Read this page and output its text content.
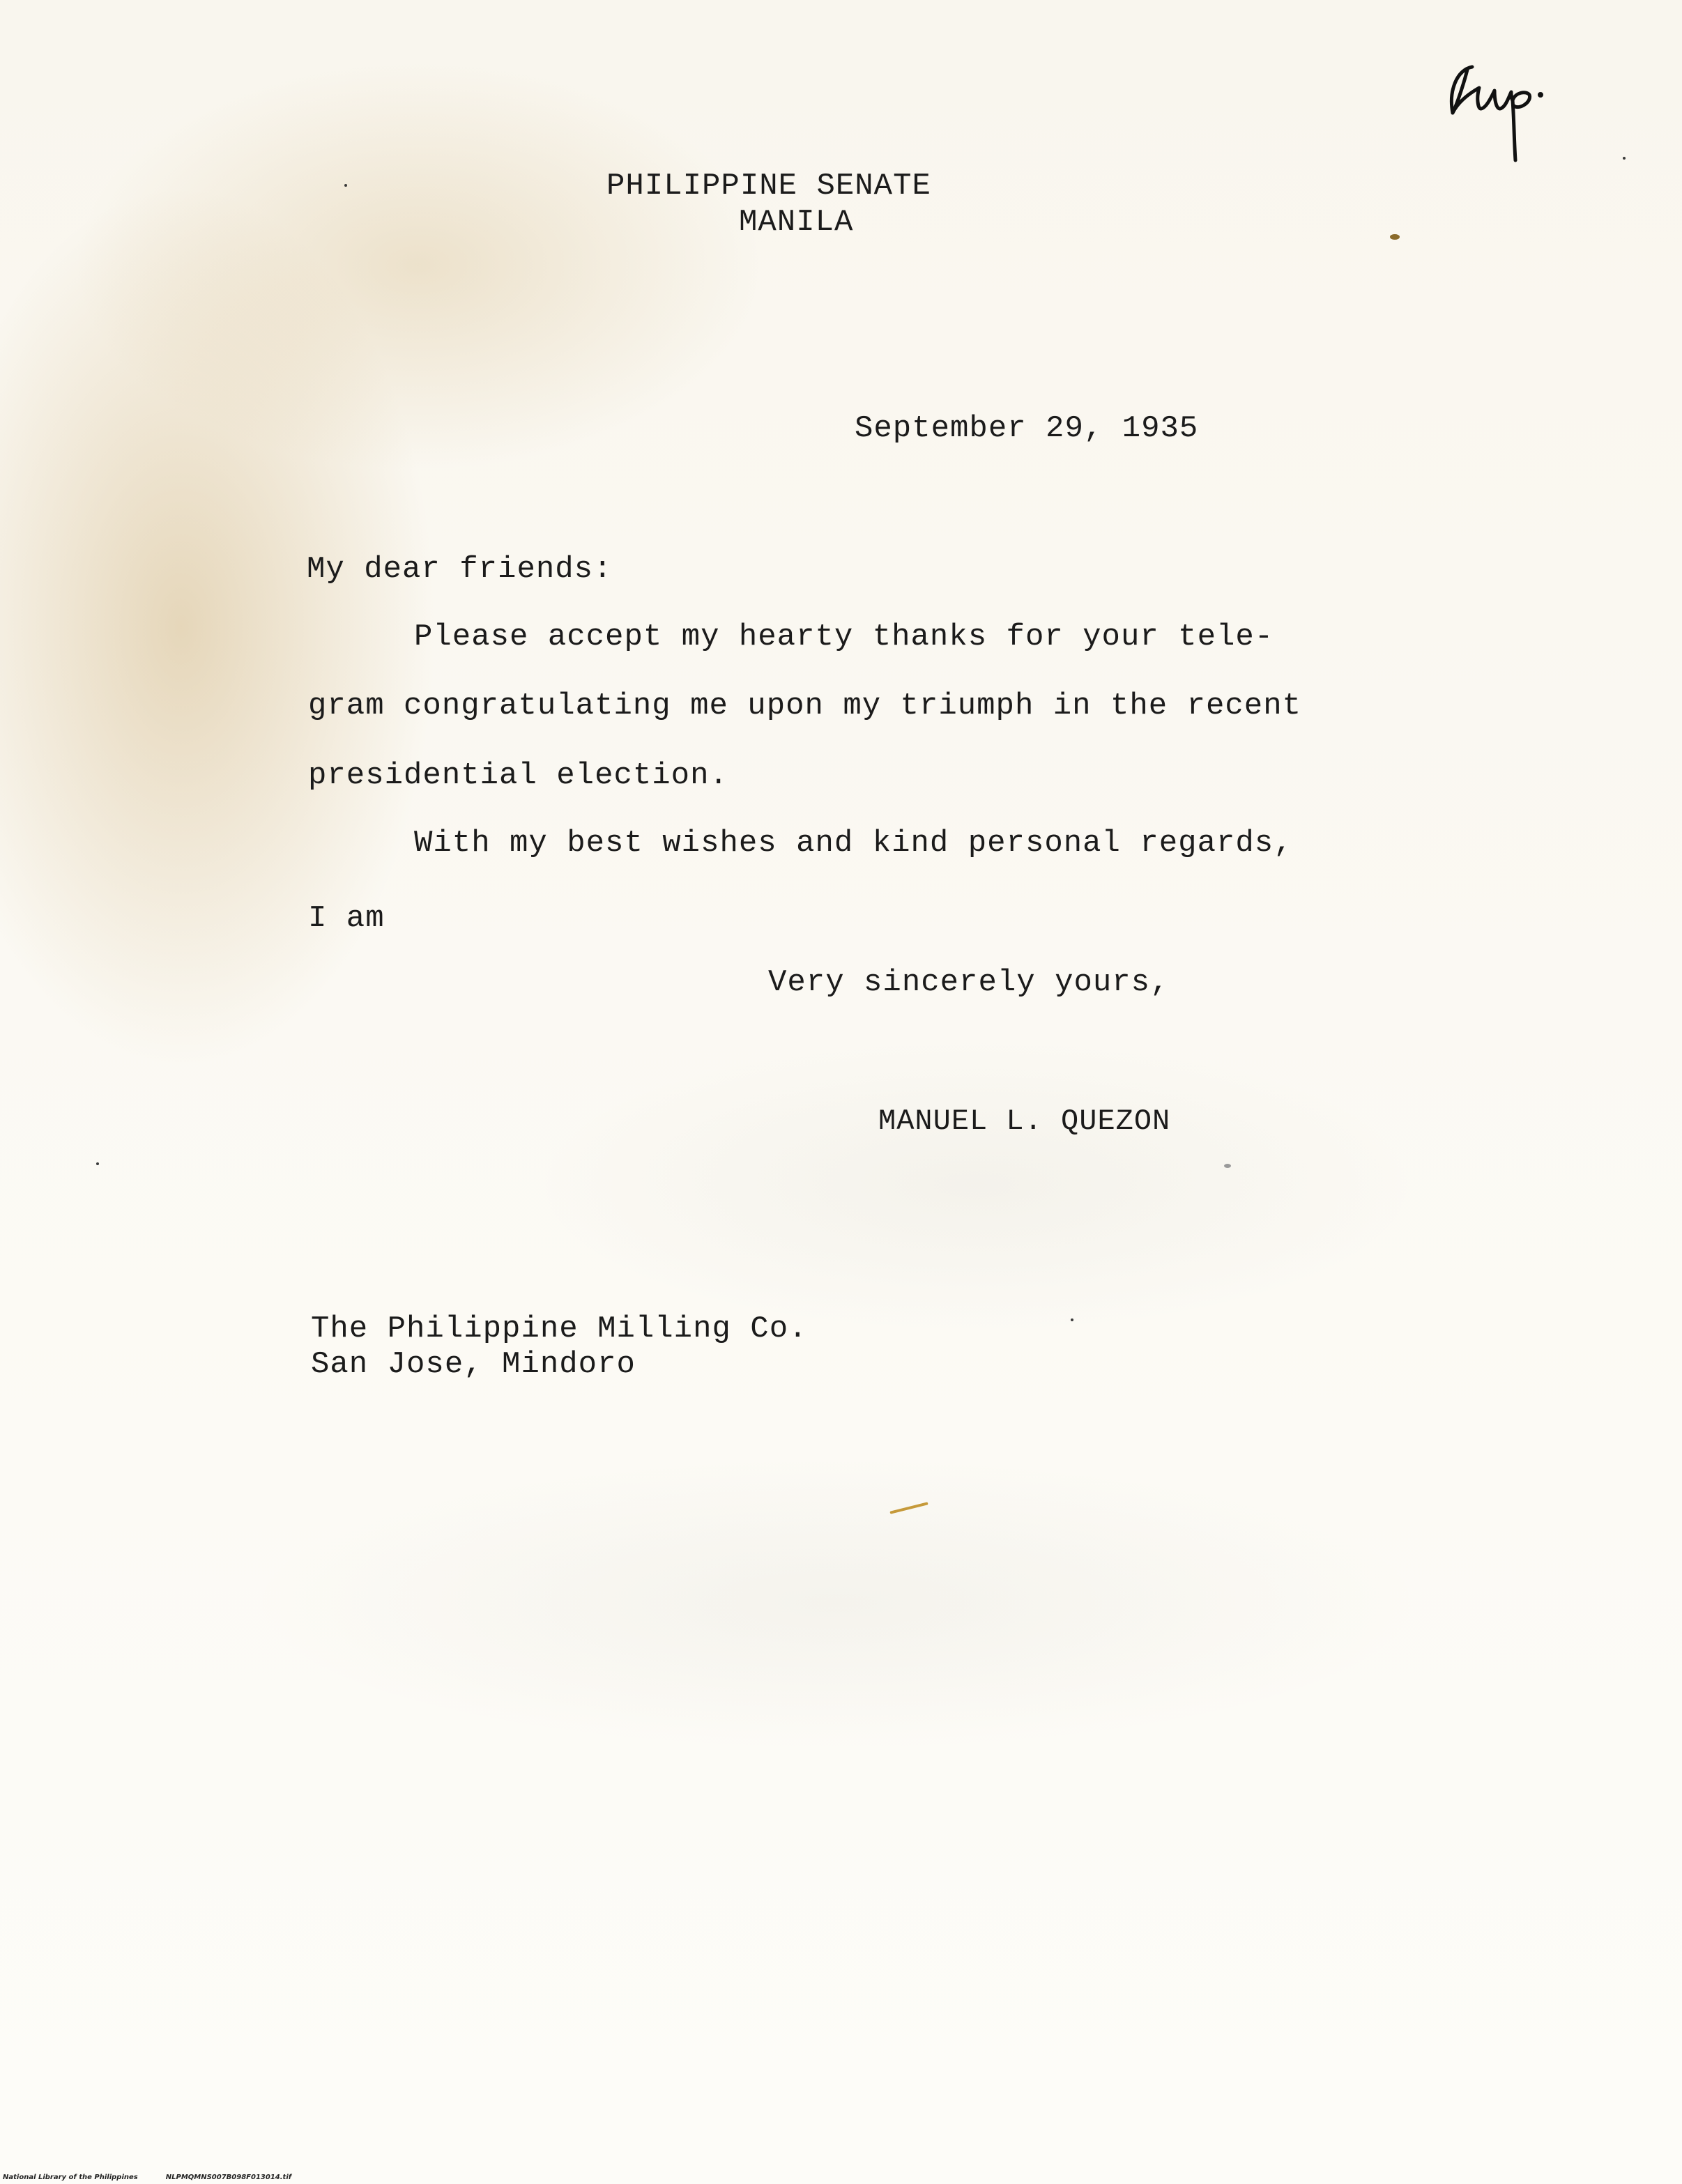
PHILIPPINE SENATE
MANILA
September 29, 1935
My dear friends:
Please accept my hearty thanks for your tele-
gram congratulating me upon my triumph in the recent
presidential election.
With my best wishes and kind personal regards,
I am
Very sincerely yours,
MANUEL L. QUEZON
The Philippine Milling Co.
San Jose, Mindoro
National Library of the Philippines	NLPMQMNS007B098F013014.tif
